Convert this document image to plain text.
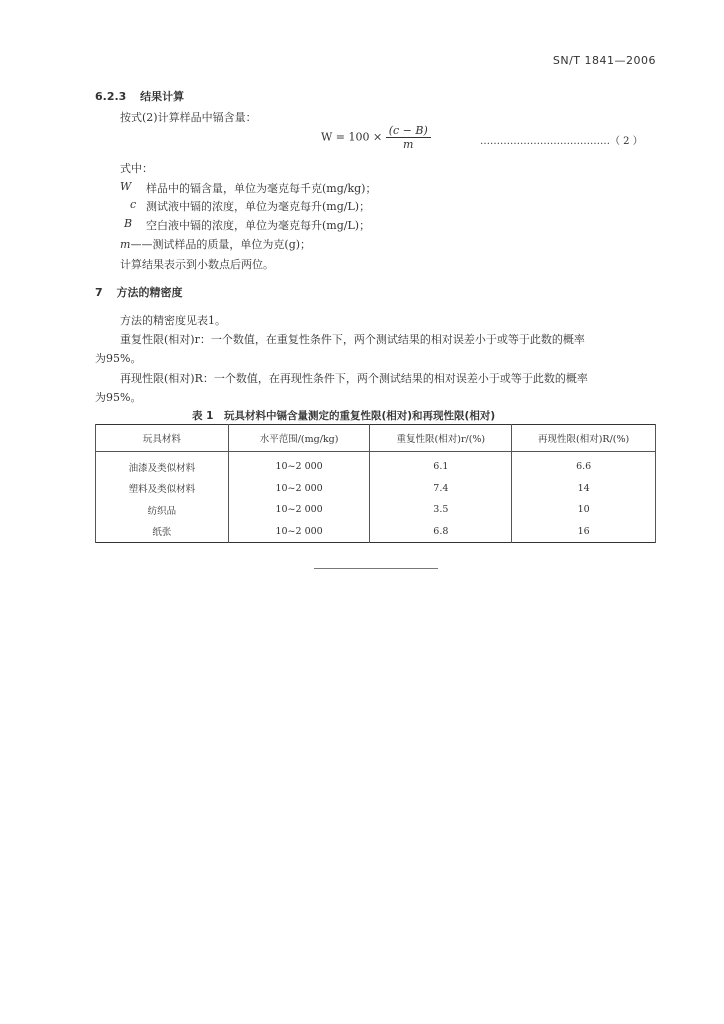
SN/T 1841—2006
6.2.3 结果计算
按式(2)计算样品中镉含量：
$W = 100 \times \frac{(c - B)}{m}$	…………………………………（ 2 ）
式中：
W 样品中的镉含量，单位为毫克每千克(mg/kg)；
c 测试液中镉的浓度，单位为毫克每升(mg/L)；
B 空白液中镉的浓度，单位为毫克每升(mg/L)；
m——测试样品的质量，单位为克(g)；
计算结果表示到小数点后两位。
7 方法的精密度
方法的精密度见表1。
重复性限(相对)r：一个数值，在重复性条件下，两个测试结果的相对误差小于或等于此数的概率
为95%。
再现性限(相对)R：一个数值，在再现性条件下，两个测试结果的相对误差小于或等于此数的概率
为95%。
表 1　玩具材料中镉含量测定的重复性限(相对)和再现性限(相对)
玩具材料	水平范围/(mg/kg)	重复性限(相对)r/(%)	再现性限(相对)R/(%)
油漆及类似材料	10~2 000	6.1	6.6
塑料及类似材料	10~2 000	7.4	14
纺织品	10~2 000	3.5	10
纸张	10~2 000	6.8	16
